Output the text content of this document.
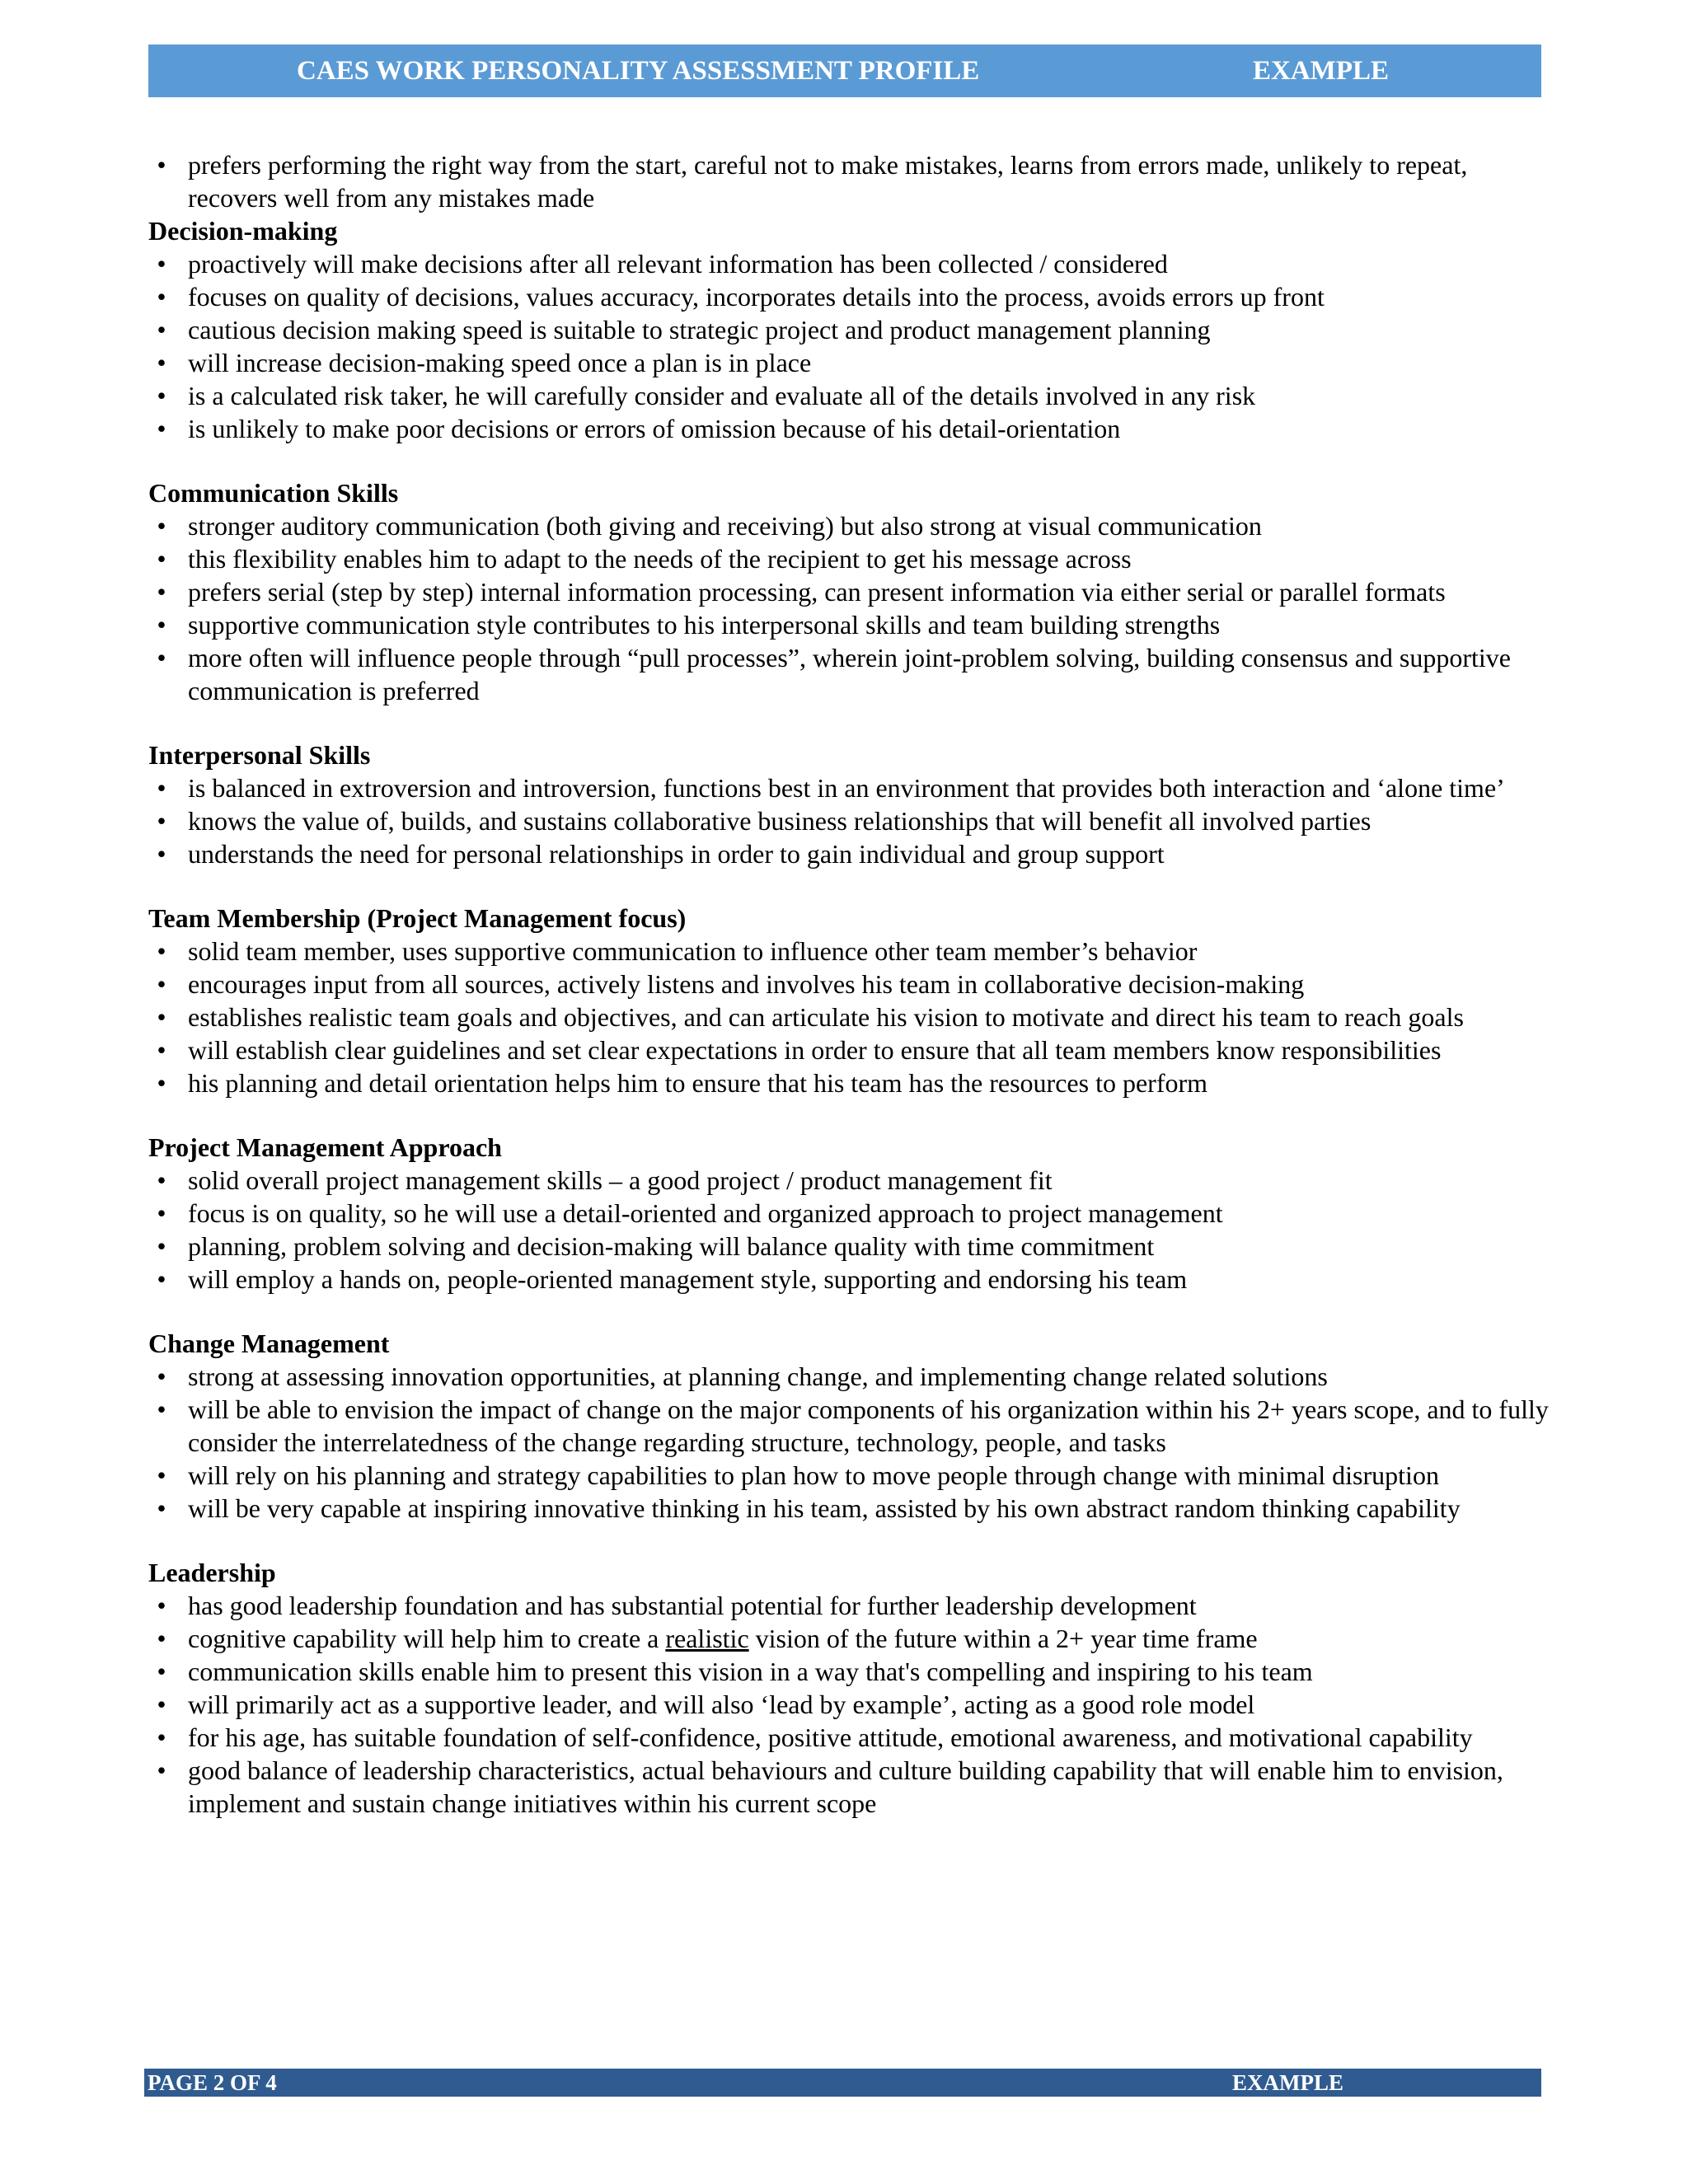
CAES WORK PERSONALITY ASSESSMENT PROFILE	EXAMPLE
• prefers performing the right way from the start, careful not to make mistakes, learns from errors made, unlikely to repeat, recovers well from any mistakes made
Decision-making
• proactively will make decisions after all relevant information has been collected / considered
• focuses on quality of decisions, values accuracy, incorporates details into the process, avoids errors up front
• cautious decision making speed is suitable to strategic project and product management planning
• will increase decision-making speed once a plan is in place
• is a calculated risk taker, he will carefully consider and evaluate all of the details involved in any risk
• is unlikely to make poor decisions or errors of omission because of his detail-orientation
Communication Skills
• stronger auditory communication (both giving and receiving) but also strong at visual communication
• this flexibility enables him to adapt to the needs of the recipient to get his message across
• prefers serial (step by step) internal information processing, can present information via either serial or parallel formats
• supportive communication style contributes to his interpersonal skills and team building strengths
• more often will influence people through “pull processes”, wherein joint-problem solving, building consensus and supportive communication is preferred
Interpersonal Skills
• is balanced in extroversion and introversion, functions best in an environment that provides both interaction and ‘alone time’
• knows the value of, builds, and sustains collaborative business relationships that will benefit all involved parties
• understands the need for personal relationships in order to gain individual and group support
Team Membership (Project Management focus)
• solid team member, uses supportive communication to influence other team member’s behavior
• encourages input from all sources, actively listens and involves his team in collaborative decision-making
• establishes realistic team goals and objectives, and can articulate his vision to motivate and direct his team to reach goals
• will establish clear guidelines and set clear expectations in order to ensure that all team members know responsibilities
• his planning and detail orientation helps him to ensure that his team has the resources to perform
Project Management Approach
• solid overall project management skills – a good project / product management fit
• focus is on quality, so he will use a detail-oriented and organized approach to project management
• planning, problem solving and decision-making will balance quality with time commitment
• will employ a hands on, people-oriented management style, supporting and endorsing his team
Change Management
• strong at assessing innovation opportunities, at planning change, and implementing change related solutions
• will be able to envision the impact of change on the major components of his organization within his 2+ years scope, and to fully consider the interrelatedness of the change regarding structure, technology, people, and tasks
• will rely on his planning and strategy capabilities to plan how to move people through change with minimal disruption
• will be very capable at inspiring innovative thinking in his team, assisted by his own abstract random thinking capability
Leadership
• has good leadership foundation and has substantial potential for further leadership development
• cognitive capability will help him to create a realistic vision of the future within a 2+ year time frame
• communication skills enable him to present this vision in a way that's compelling and inspiring to his team
• will primarily act as a supportive leader, and will also ‘lead by example’, acting as a good role model
• for his age, has suitable foundation of self-confidence, positive attitude, emotional awareness, and motivational capability
• good balance of leadership characteristics, actual behaviours and culture building capability that will enable him to envision, implement and sustain change initiatives within his current scope
PAGE 2 OF 4	EXAMPLE
